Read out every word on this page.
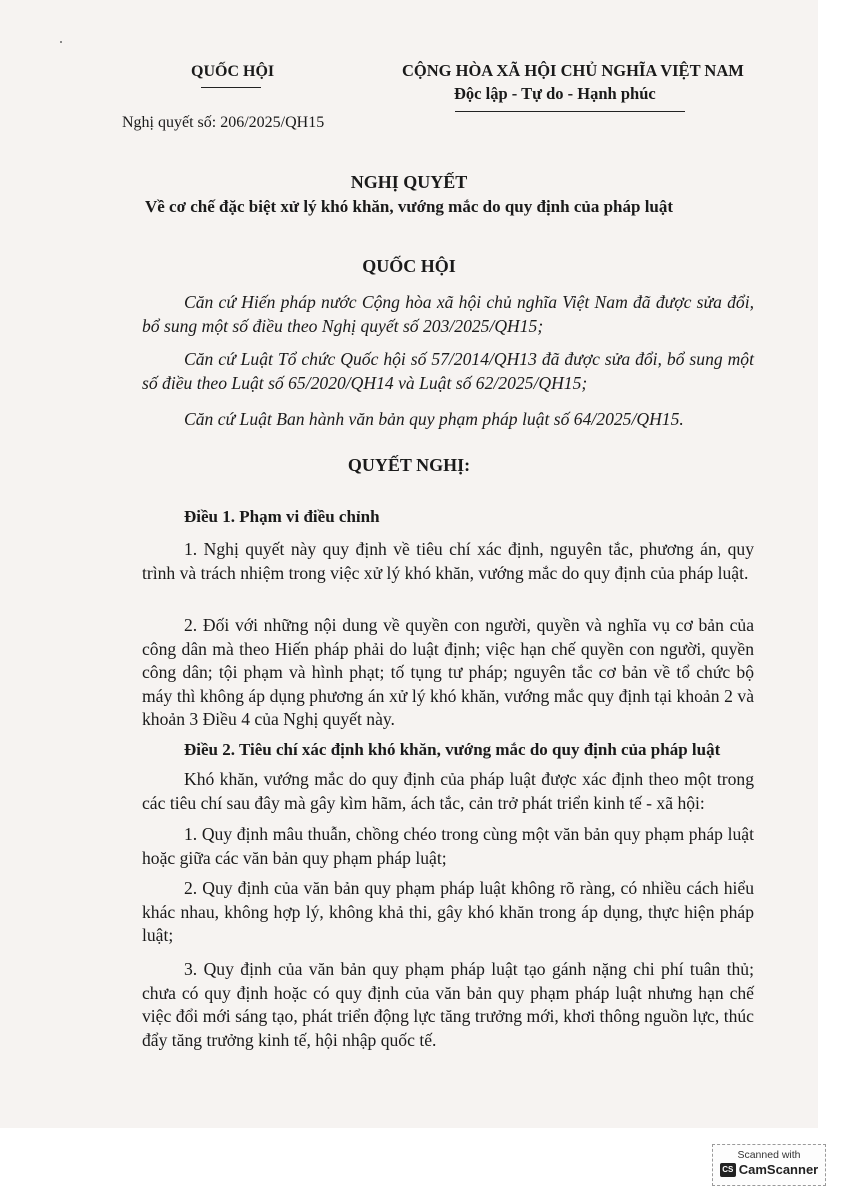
QUỐC HỘI
Nghị quyết số: 206/2025/QH15
CỘNG HÒA XÃ HỘI CHỦ NGHĨA VIỆT NAM
Độc lập - Tự do - Hạnh phúc
NGHỊ QUYẾT
Về cơ chế đặc biệt xử lý khó khăn, vướng mắc do quy định của pháp luật
QUỐC HỘI
Căn cứ Hiến pháp nước Cộng hòa xã hội chủ nghĩa Việt Nam đã được sửa đổi, bổ sung một số điều theo Nghị quyết số 203/2025/QH15;
Căn cứ Luật Tổ chức Quốc hội số 57/2014/QH13 đã được sửa đổi, bổ sung một số điều theo Luật số 65/2020/QH14 và Luật số 62/2025/QH15;
Căn cứ Luật Ban hành văn bản quy phạm pháp luật số 64/2025/QH15.
QUYẾT NGHỊ:
Điều 1. Phạm vi điều chỉnh
1. Nghị quyết này quy định về tiêu chí xác định, nguyên tắc, phương án, quy trình và trách nhiệm trong việc xử lý khó khăn, vướng mắc do quy định của pháp luật.
2. Đối với những nội dung về quyền con người, quyền và nghĩa vụ cơ bản của công dân mà theo Hiến pháp phải do luật định; việc hạn chế quyền con người, quyền công dân; tội phạm và hình phạt; tố tụng tư pháp; nguyên tắc cơ bản về tổ chức bộ máy thì không áp dụng phương án xử lý khó khăn, vướng mắc quy định tại khoản 2 và khoản 3 Điều 4 của Nghị quyết này.
Điều 2. Tiêu chí xác định khó khăn, vướng mắc do quy định của pháp luật
Khó khăn, vướng mắc do quy định của pháp luật được xác định theo một trong các tiêu chí sau đây mà gây kìm hãm, ách tắc, cản trở phát triển kinh tế - xã hội:
1. Quy định mâu thuẫn, chồng chéo trong cùng một văn bản quy phạm pháp luật hoặc giữa các văn bản quy phạm pháp luật;
2. Quy định của văn bản quy phạm pháp luật không rõ ràng, có nhiều cách hiểu khác nhau, không hợp lý, không khả thi, gây khó khăn trong áp dụng, thực hiện pháp luật;
3. Quy định của văn bản quy phạm pháp luật tạo gánh nặng chi phí tuân thủ; chưa có quy định hoặc có quy định của văn bản quy phạm pháp luật nhưng hạn chế việc đổi mới sáng tạo, phát triển động lực tăng trưởng mới, khơi thông nguồn lực, thúc đẩy tăng trưởng kinh tế, hội nhập quốc tế.
Scanned with
CS CamScanner
